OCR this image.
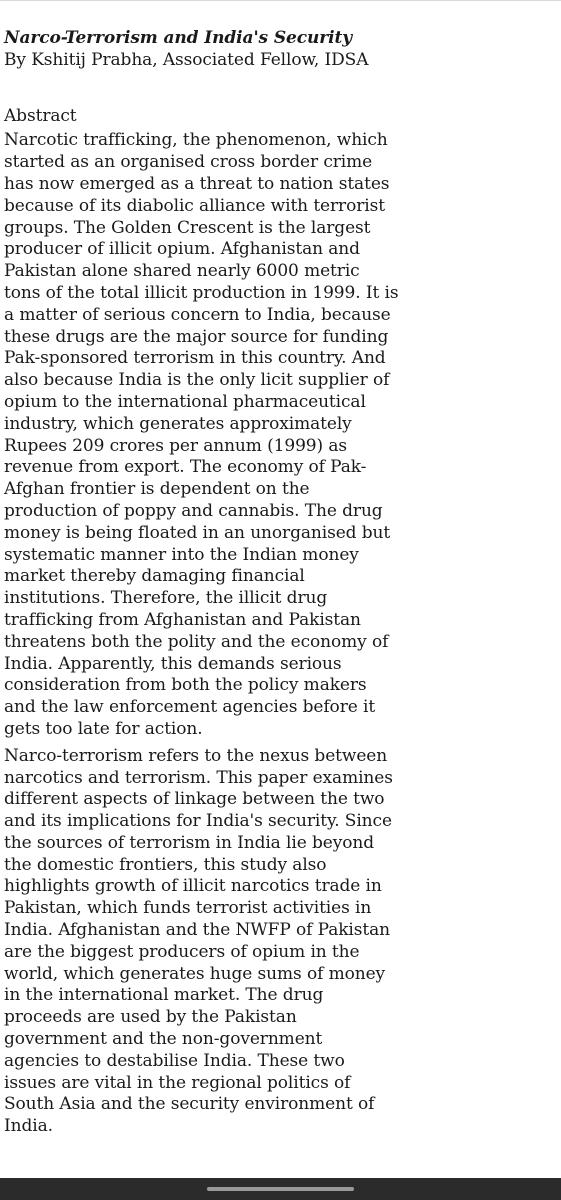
Narco-Terrorism and India's Security

By Kshitij Prabha, Associated Fellow, IDSA

Abstract

Narcotic trafficking, the phenomenon, which started as an organised cross border crime has now emerged as a threat to nation states because of its diabolic alliance with terrorist groups. The Golden Crescent is the largest producer of illicit opium. Afghanistan and Pakistan alone shared nearly 6000 metric tons of the total illicit production in 1999. It is a matter of serious concern to India, because these drugs are the major source for funding Pak-sponsored terrorism in this country. And also because India is the only licit supplier of opium to the international pharmaceutical industry, which generates approximately Rupees 209 crores per annum (1999) as revenue from export. The economy of Pak-Afghan frontier is dependent on the production of poppy and cannabis. The drug money is being floated in an unorganised but systematic manner into the Indian money market thereby damaging financial institutions. Therefore, the illicit drug trafficking from Afghanistan and Pakistan threatens both the polity and the economy of India. Apparently, this demands serious consideration from both the policy makers and the law enforcement agencies before it gets too late for action.

Narco-terrorism refers to the nexus between narcotics and terrorism. This paper examines different aspects of linkage between the two and its implications for India's security. Since the sources of terrorism in India lie beyond the domestic frontiers, this study also highlights growth of illicit narcotics trade in Pakistan, which funds terrorist activities in India. Afghanistan and the NWFP of Pakistan are the biggest producers of opium in the world, which generates huge sums of money in the international market. The drug proceeds are used by the Pakistan government and the non-government agencies to destabilise India. These two issues are vital in the regional politics of South Asia and the security environment of India.
